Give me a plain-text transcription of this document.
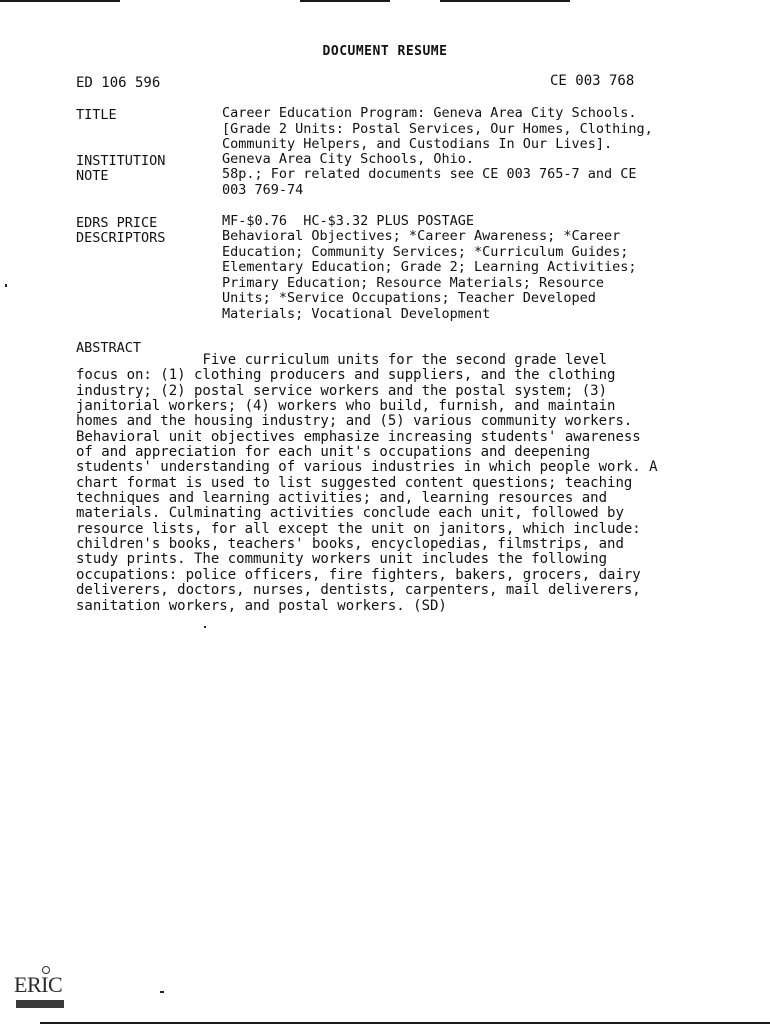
DOCUMENT RESUME
ED 106 596	CE 003 768
TITLE	Career Education Program: Geneva Area City Schools.
[Grade 2 Units: Postal Services, Our Homes, Clothing,
Community Helpers, and Custodians In Our Lives].
INSTITUTION	Geneva Area City Schools, Ohio.
NOTE	58p.; For related documents see CE 003 765-7 and CE
003 769-74
EDRS PRICE	MF-$0.76  HC-$3.32 PLUS POSTAGE
DESCRIPTORS	Behavioral Objectives; *Career Awareness; *Career
Education; Community Services; *Curriculum Guides;
Elementary Education; Grade 2; Learning Activities;
Primary Education; Resource Materials; Resource
Units; *Service Occupations; Teacher Developed
Materials; Vocational Development
ABSTRACT
Five curriculum units for the second grade level
focus on: (1) clothing producers and suppliers, and the clothing
industry; (2) postal service workers and the postal system; (3)
janitorial workers; (4) workers who build, furnish, and maintain
homes and the housing industry; and (5) various community workers.
Behavioral unit objectives emphasize increasing students' awareness
of and appreciation for each unit's occupations and deepening
students' understanding of various industries in which people work. A
chart format is used to list suggested content questions; teaching
techniques and learning activities; and, learning resources and
materials. Culminating activities conclude each unit, followed by
resource lists, for all except the unit on janitors, which include:
children's books, teachers' books, encyclopedias, filmstrips, and
study prints. The community workers unit includes the following
occupations: police officers, fire fighters, bakers, grocers, dairy
deliverers, doctors, nurses, dentists, carpenters, mail deliverers,
sanitation workers, and postal workers. (SD)
ERIC
